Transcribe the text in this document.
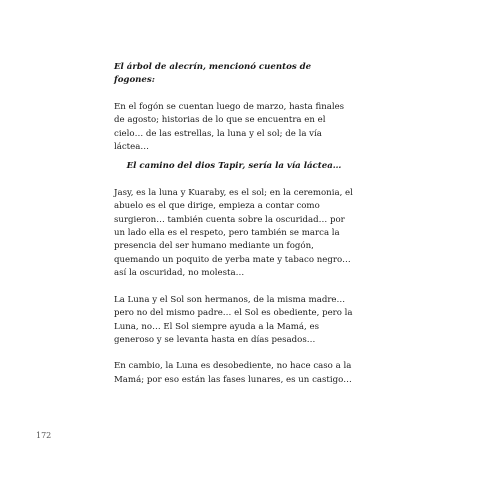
El árbol de alecrín, mencionó cuentos de fogones:

En el fogón se cuentan luego de marzo, hasta finales de agosto; historias de lo que se encuentra en el cielo… de las estrellas, la luna y el sol; de la vía láctea…

El camino del dios Tapir, sería la vía láctea…

Jasy, es la luna y Kuaraby, es el sol; en la ceremonia, el abuelo es el que dirige, empieza a contar como surgieron… también cuenta sobre la oscuridad… por un lado ella es el respeto, pero también se marca la presencia del ser humano mediante un fogón, quemando un poquito de yerba mate y tabaco negro… así la oscuridad, no molesta…

La Luna y el Sol son hermanos, de la misma madre… pero no del mismo padre… el Sol es obediente, pero la Luna, no… El Sol siempre ayuda a la Mamá, es generoso y se levanta hasta en días pesados…

En cambio, la Luna es desobediente, no hace caso a la Mamá; por eso están las fases lunares, es un castigo…

172
